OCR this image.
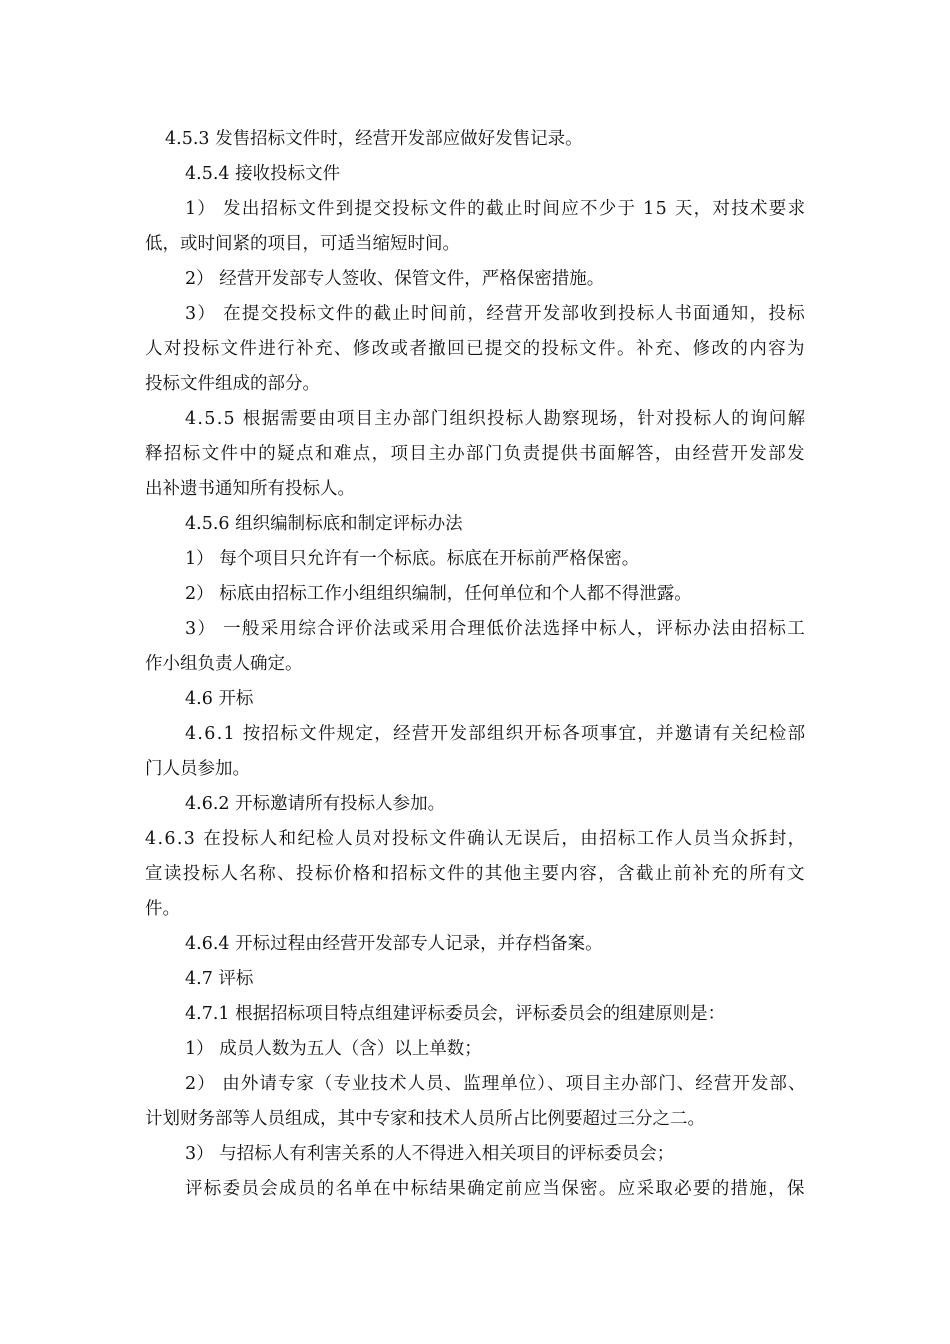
4.5.3 发售招标文件时，经营开发部应做好发售记录。
4.5.4 接收投标文件
1） 发出招标文件到提交投标文件的截止时间应不少于 15 天，对技术要求
低，或时间紧的项目，可适当缩短时间。
2） 经营开发部专人签收、保管文件，严格保密措施。
3） 在提交投标文件的截止时间前，经营开发部收到投标人书面通知，投标
人对投标文件进行补充、修改或者撤回已提交的投标文件。补充、修改的内容为
投标文件组成的部分。
4.5.5 根据需要由项目主办部门组织投标人勘察现场，针对投标人的询问解
释招标文件中的疑点和难点，项目主办部门负责提供书面解答，由经营开发部发
出补遗书通知所有投标人。
4.5.6 组织编制标底和制定评标办法
1） 每个项目只允许有一个标底。标底在开标前严格保密。
2） 标底由招标工作小组组织编制，任何单位和个人都不得泄露。
3） 一般采用综合评价法或采用合理低价法选择中标人，评标办法由招标工
作小组负责人确定。
4.6 开标
4.6.1 按招标文件规定，经营开发部组织开标各项事宜，并邀请有关纪检部
门人员参加。
4.6.2 开标邀请所有投标人参加。
4.6.3 在投标人和纪检人员对投标文件确认无误后，由招标工作人员当众拆封，
宣读投标人名称、投标价格和招标文件的其他主要内容，含截止前补充的所有文
件。
4.6.4 开标过程由经营开发部专人记录，并存档备案。
4.7 评标
4.7.1 根据招标项目特点组建评标委员会，评标委员会的组建原则是：
1） 成员人数为五人（含）以上单数；
2） 由外请专家（专业技术人员、监理单位）、项目主办部门、经营开发部、
计划财务部等人员组成，其中专家和技术人员所占比例要超过三分之二。
3） 与招标人有利害关系的人不得进入相关项目的评标委员会；
评标委员会成员的名单在中标结果确定前应当保密。应采取必要的措施，保
